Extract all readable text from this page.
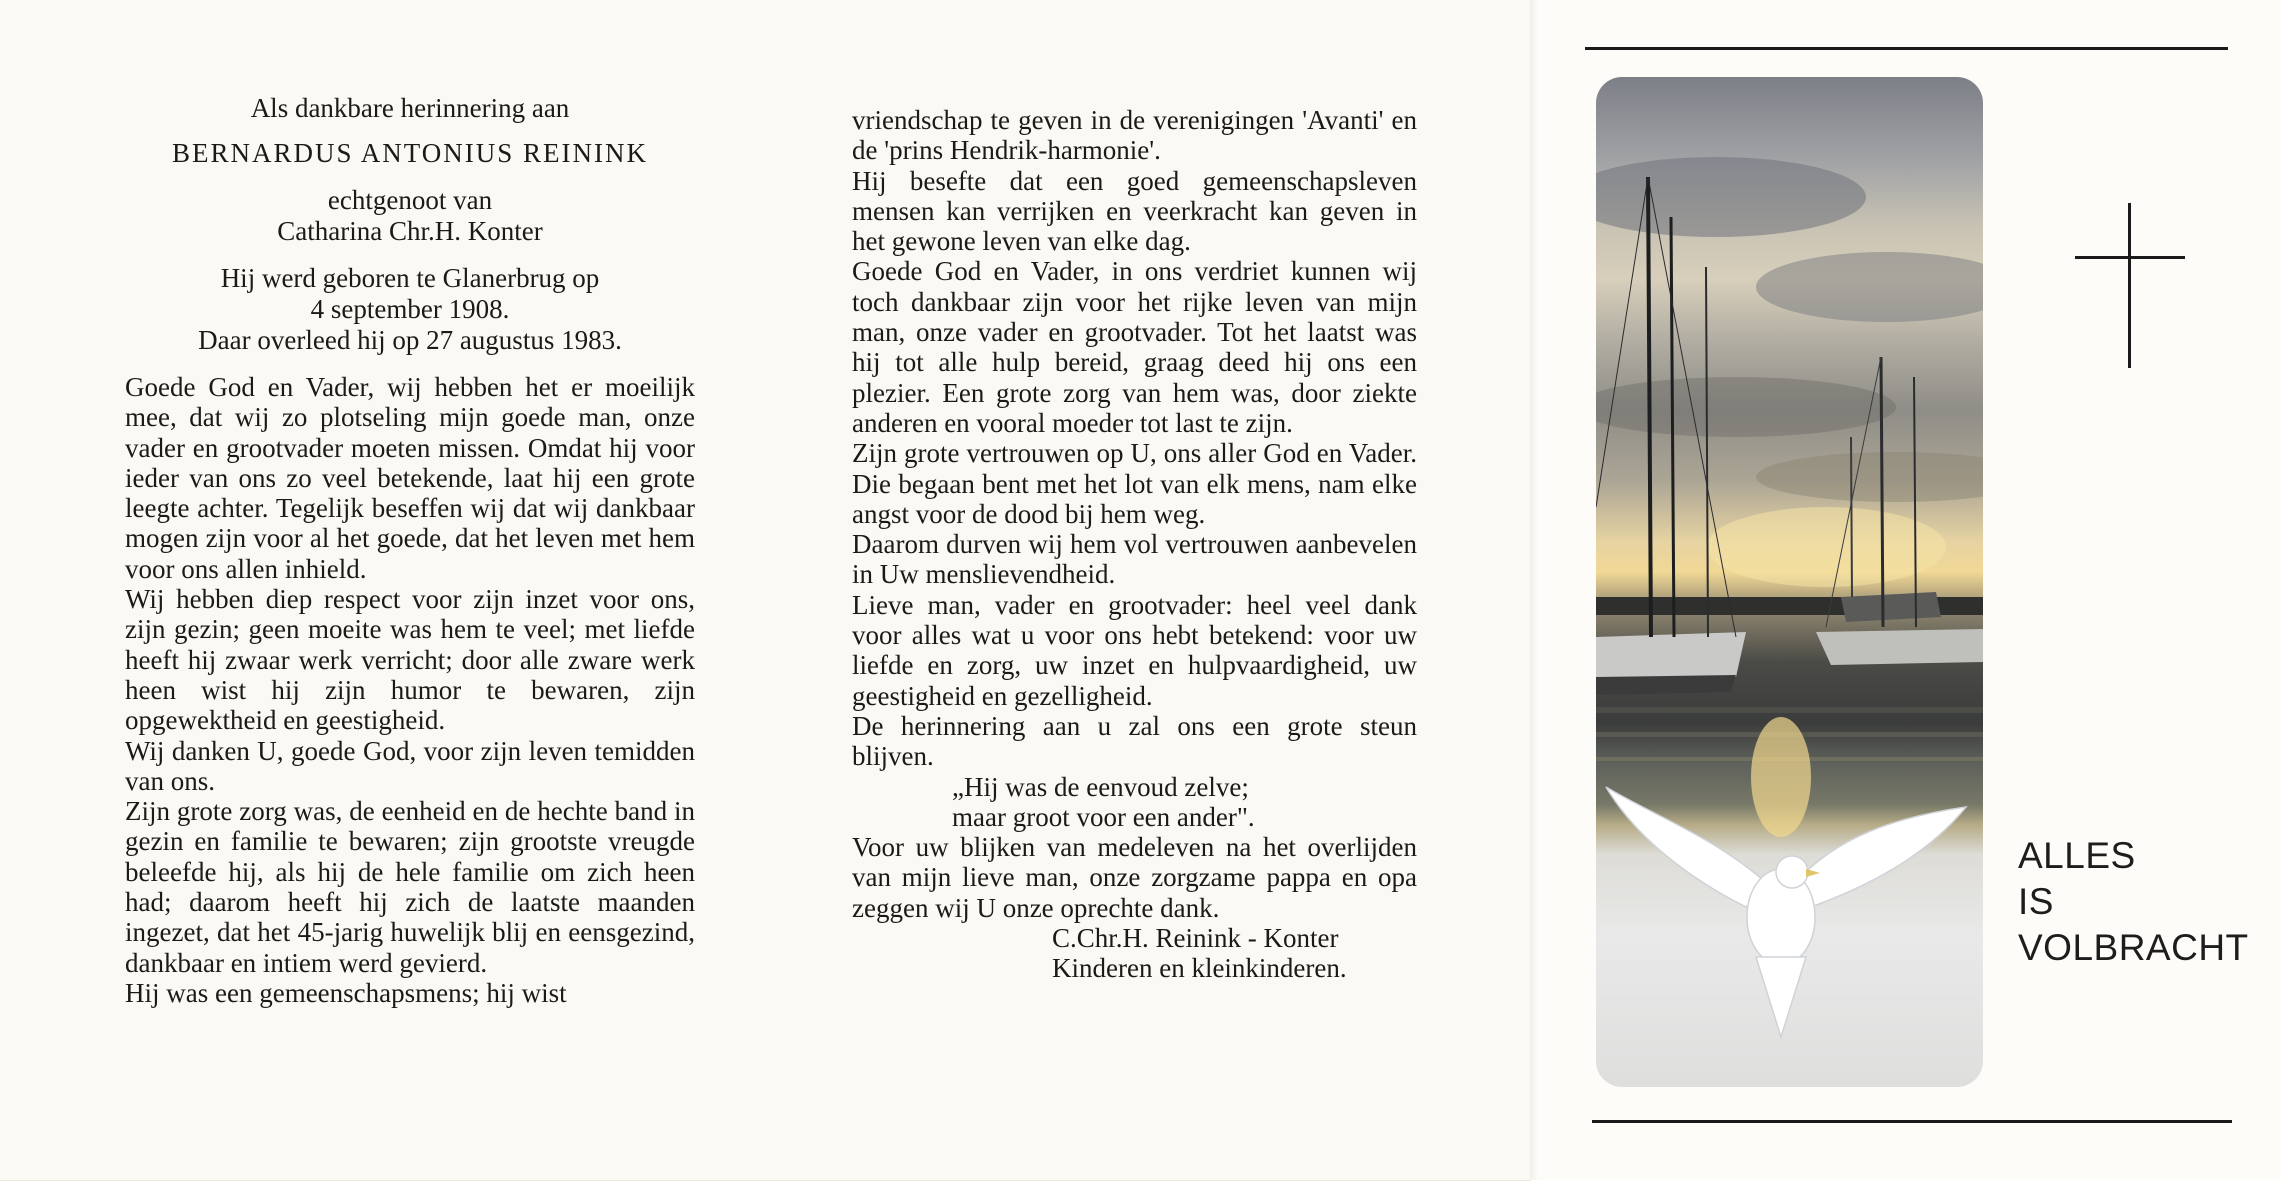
Als dankbare herinnering aan

BERNARDUS ANTONIUS REININK

echtgenoot van
Catharina Chr.H. Konter
Hij werd geboren te Glanerbrug op
4 september 1908.
Daar overleed hij op 27 augustus 1983.

Goede God en Vader, wij hebben het er moeilijk mee, dat wij zo plotseling mijn goede man, onze vader en grootvader moeten missen. Omdat hij voor ieder van ons zo veel betekende, laat hij een grote leegte achter. Tegelijk beseffen wij dat wij dankbaar mogen zijn voor al het goede, dat het leven met hem voor ons allen inhield.
Wij hebben diep respect voor zijn inzet voor ons, zijn gezin; geen moeite was hem te veel; met liefde heeft hij zwaar werk verricht; door alle zware werk heen wist hij zijn humor te bewaren, zijn opgewektheid en geestigheid.
Wij danken U, goede God, voor zijn leven temidden van ons.
Zijn grote zorg was, de eenheid en de hechte band in gezin en familie te bewaren; zijn grootste vreugde beleefde hij, als hij de hele familie om zich heen had; daarom heeft hij zich de laatste maanden ingezet, dat het 45-jarig huwelijk blij en eensgezind, dankbaar en intiem werd gevierd.
Hij was een gemeenschapsmens; hij wist

vriendschap te geven in de verenigingen 'Avanti' en de 'prins Hendrik-harmonie'.
Hij besefte dat een goed gemeenschapsleven mensen kan verrijken en veerkracht kan geven in het gewone leven van elke dag.
Goede God en Vader, in ons verdriet kunnen wij toch dankbaar zijn voor het rijke leven van mijn man, onze vader en grootvader. Tot het laatst was hij tot alle hulp bereid, graag deed hij ons een plezier. Een grote zorg van hem was, door ziekte anderen en vooral moeder tot last te zijn.
Zijn grote vertrouwen op U, ons aller God en Vader. Die begaan bent met het lot van elk mens, nam elke angst voor de dood bij hem weg.
Daarom durven wij hem vol vertrouwen aanbevelen in Uw menslievendheid.
Lieve man, vader en grootvader: heel veel dank voor alles wat u voor ons hebt betekend: voor uw liefde en zorg, uw inzet en hulpvaardigheid, uw geestigheid en gezelligheid.
De herinnering aan u zal ons een grote steun blijven.

„Hij was de eenvoud zelve;
maar groot voor een ander".

Voor uw blijken van medeleven na het overlijden van mijn lieve man, onze zorgzame pappa en opa zeggen wij U onze oprechte dank.

C.Chr.H. Reinink - Konter
Kinderen en kleinkinderen.

ALLES
IS
VOLBRACHT
